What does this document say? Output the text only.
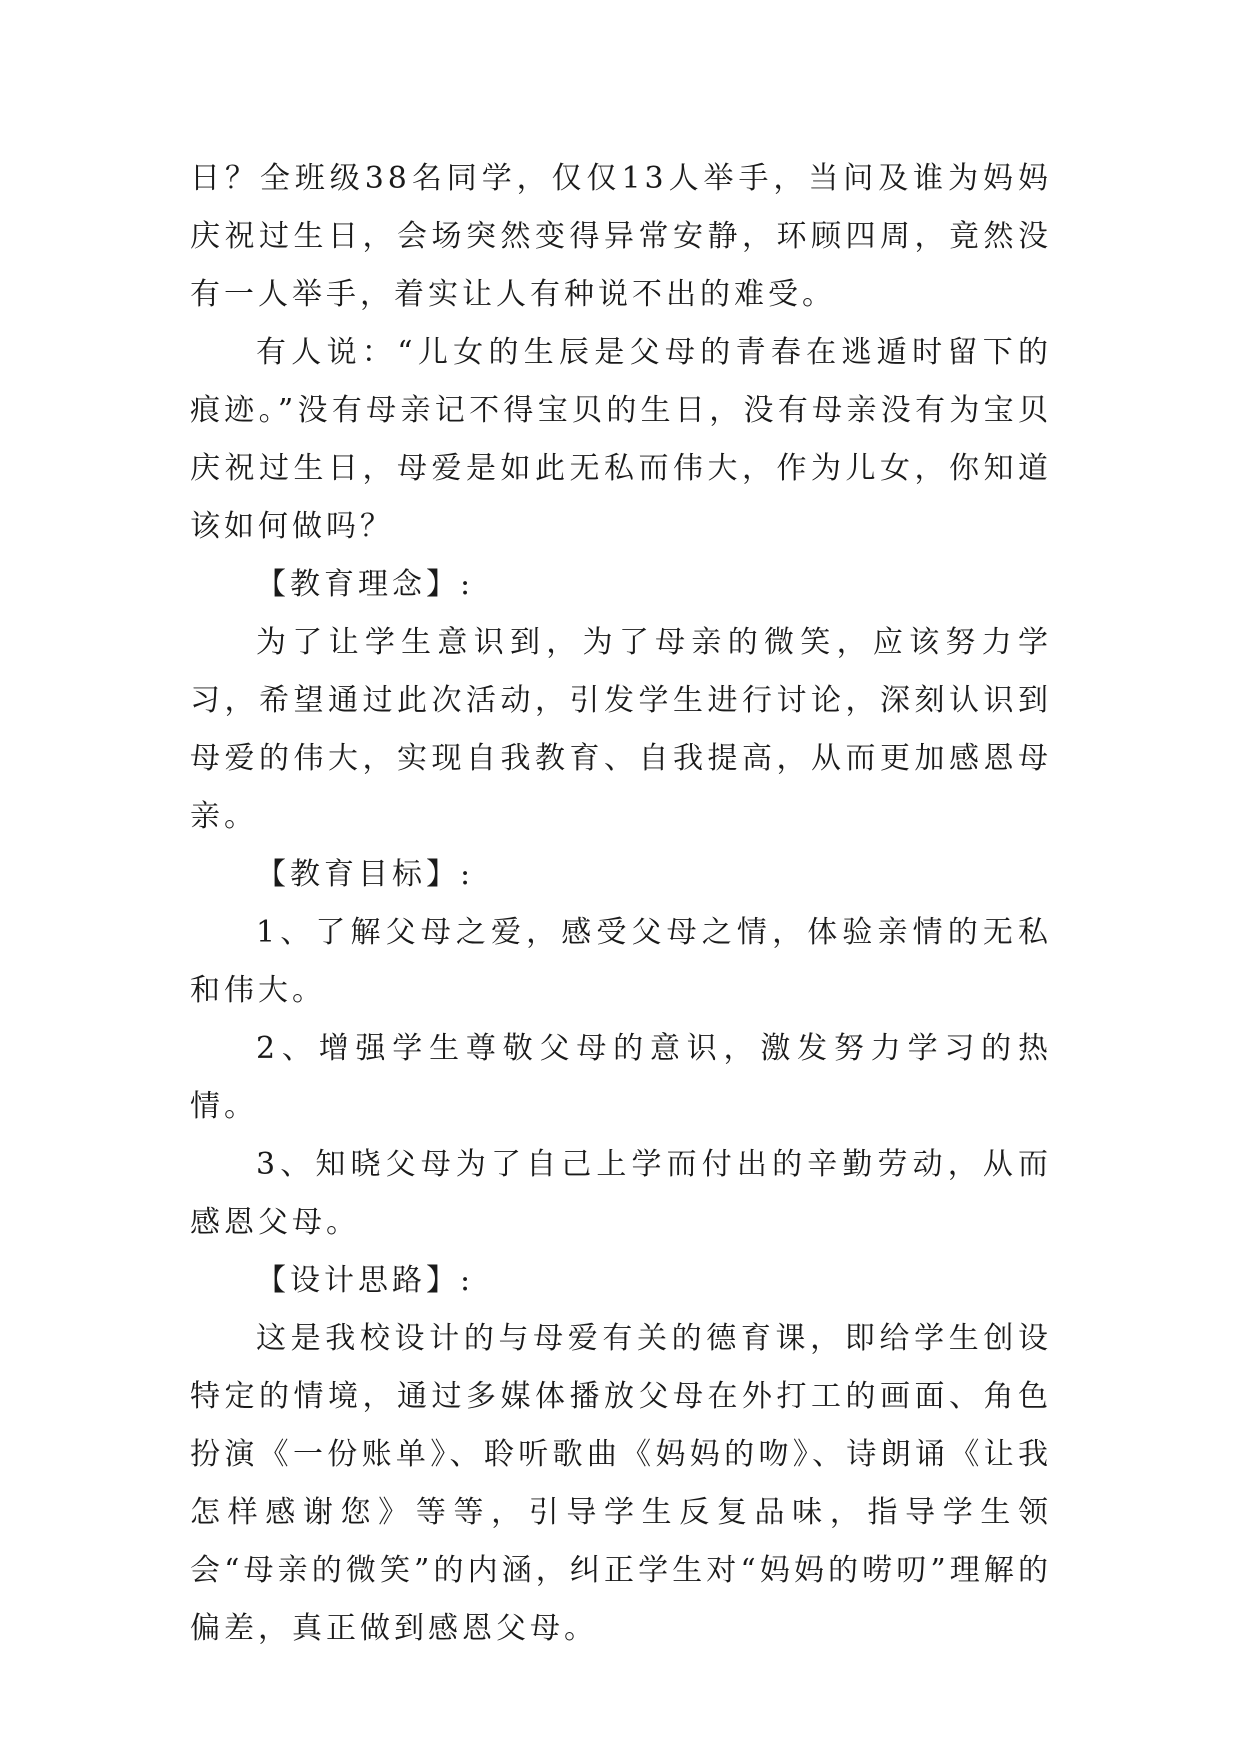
日？全班级38名同学，仅仅13人举手，当问及谁为妈妈庆祝过生日，会场突然变得异常安静，环顾四周，竟然没有一人举手，着实让人有种说不出的难受。

有人说：“儿女的生辰是父母的青春在逃遁时留下的痕迹。”没有母亲记不得宝贝的生日，没有母亲没有为宝贝庆祝过生日，母爱是如此无私而伟大，作为儿女，你知道该如何做吗？

【教育理念】:

为了让学生意识到，为了母亲的微笑，应该努力学习，希望通过此次活动，引发学生进行讨论，深刻认识到母爱的伟大，实现自我教育、自我提高，从而更加感恩母亲。

【教育目标】:

1、了解父母之爱，感受父母之情，体验亲情的无私和伟大。

2、增强学生尊敬父母的意识，激发努力学习的热情。

3、知晓父母为了自己上学而付出的辛勤劳动，从而感恩父母。

【设计思路】:

这是我校设计的与母爱有关的德育课，即给学生创设特定的情境，通过多媒体播放父母在外打工的画面、角色扮演《一份账单》、聆听歌曲《妈妈的吻》、诗朗诵《让我怎样感谢您》等等，引导学生反复品味，指导学生领会“母亲的微笑”的内涵，纠正学生对“妈妈的唠叨”理解的偏差，真正做到感恩父母。
